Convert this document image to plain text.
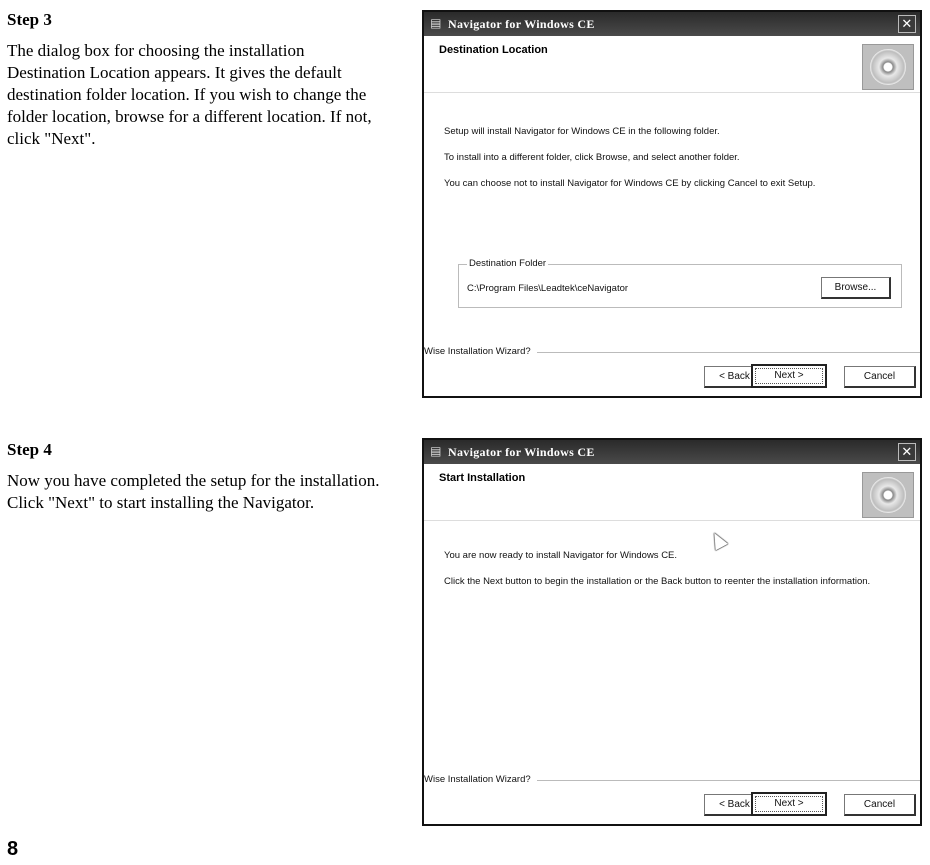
Step 3

The dialog box for choosing the installation Destination Location appears. It gives the default destination folder location. If you wish to change the folder location, browse for a different location. If not, click "Next".

▤ Navigator for Windows CE	✕
Destination Location

Setup will install Navigator for Windows CE in the following folder.

To install into a different folder, click Browse, and select another folder.

You can choose not to install Navigator for Windows CE by clicking Cancel to exit Setup.

Destination Folder
C:\Program Files\Leadtek\ceNavigator	Browse...
Wise Installation Wizard?
< Back	Next >	Cancel

Step 4

Now you have completed the setup for the installation. Click "Next" to start installing the Navigator.

▤ Navigator for Windows CE	✕
Start Installation

You are now ready to install Navigator for Windows CE.

Click the Next button to begin the installation or the Back button to reenter the installation information.

Wise Installation Wizard?
< Back	Next >	Cancel
8
